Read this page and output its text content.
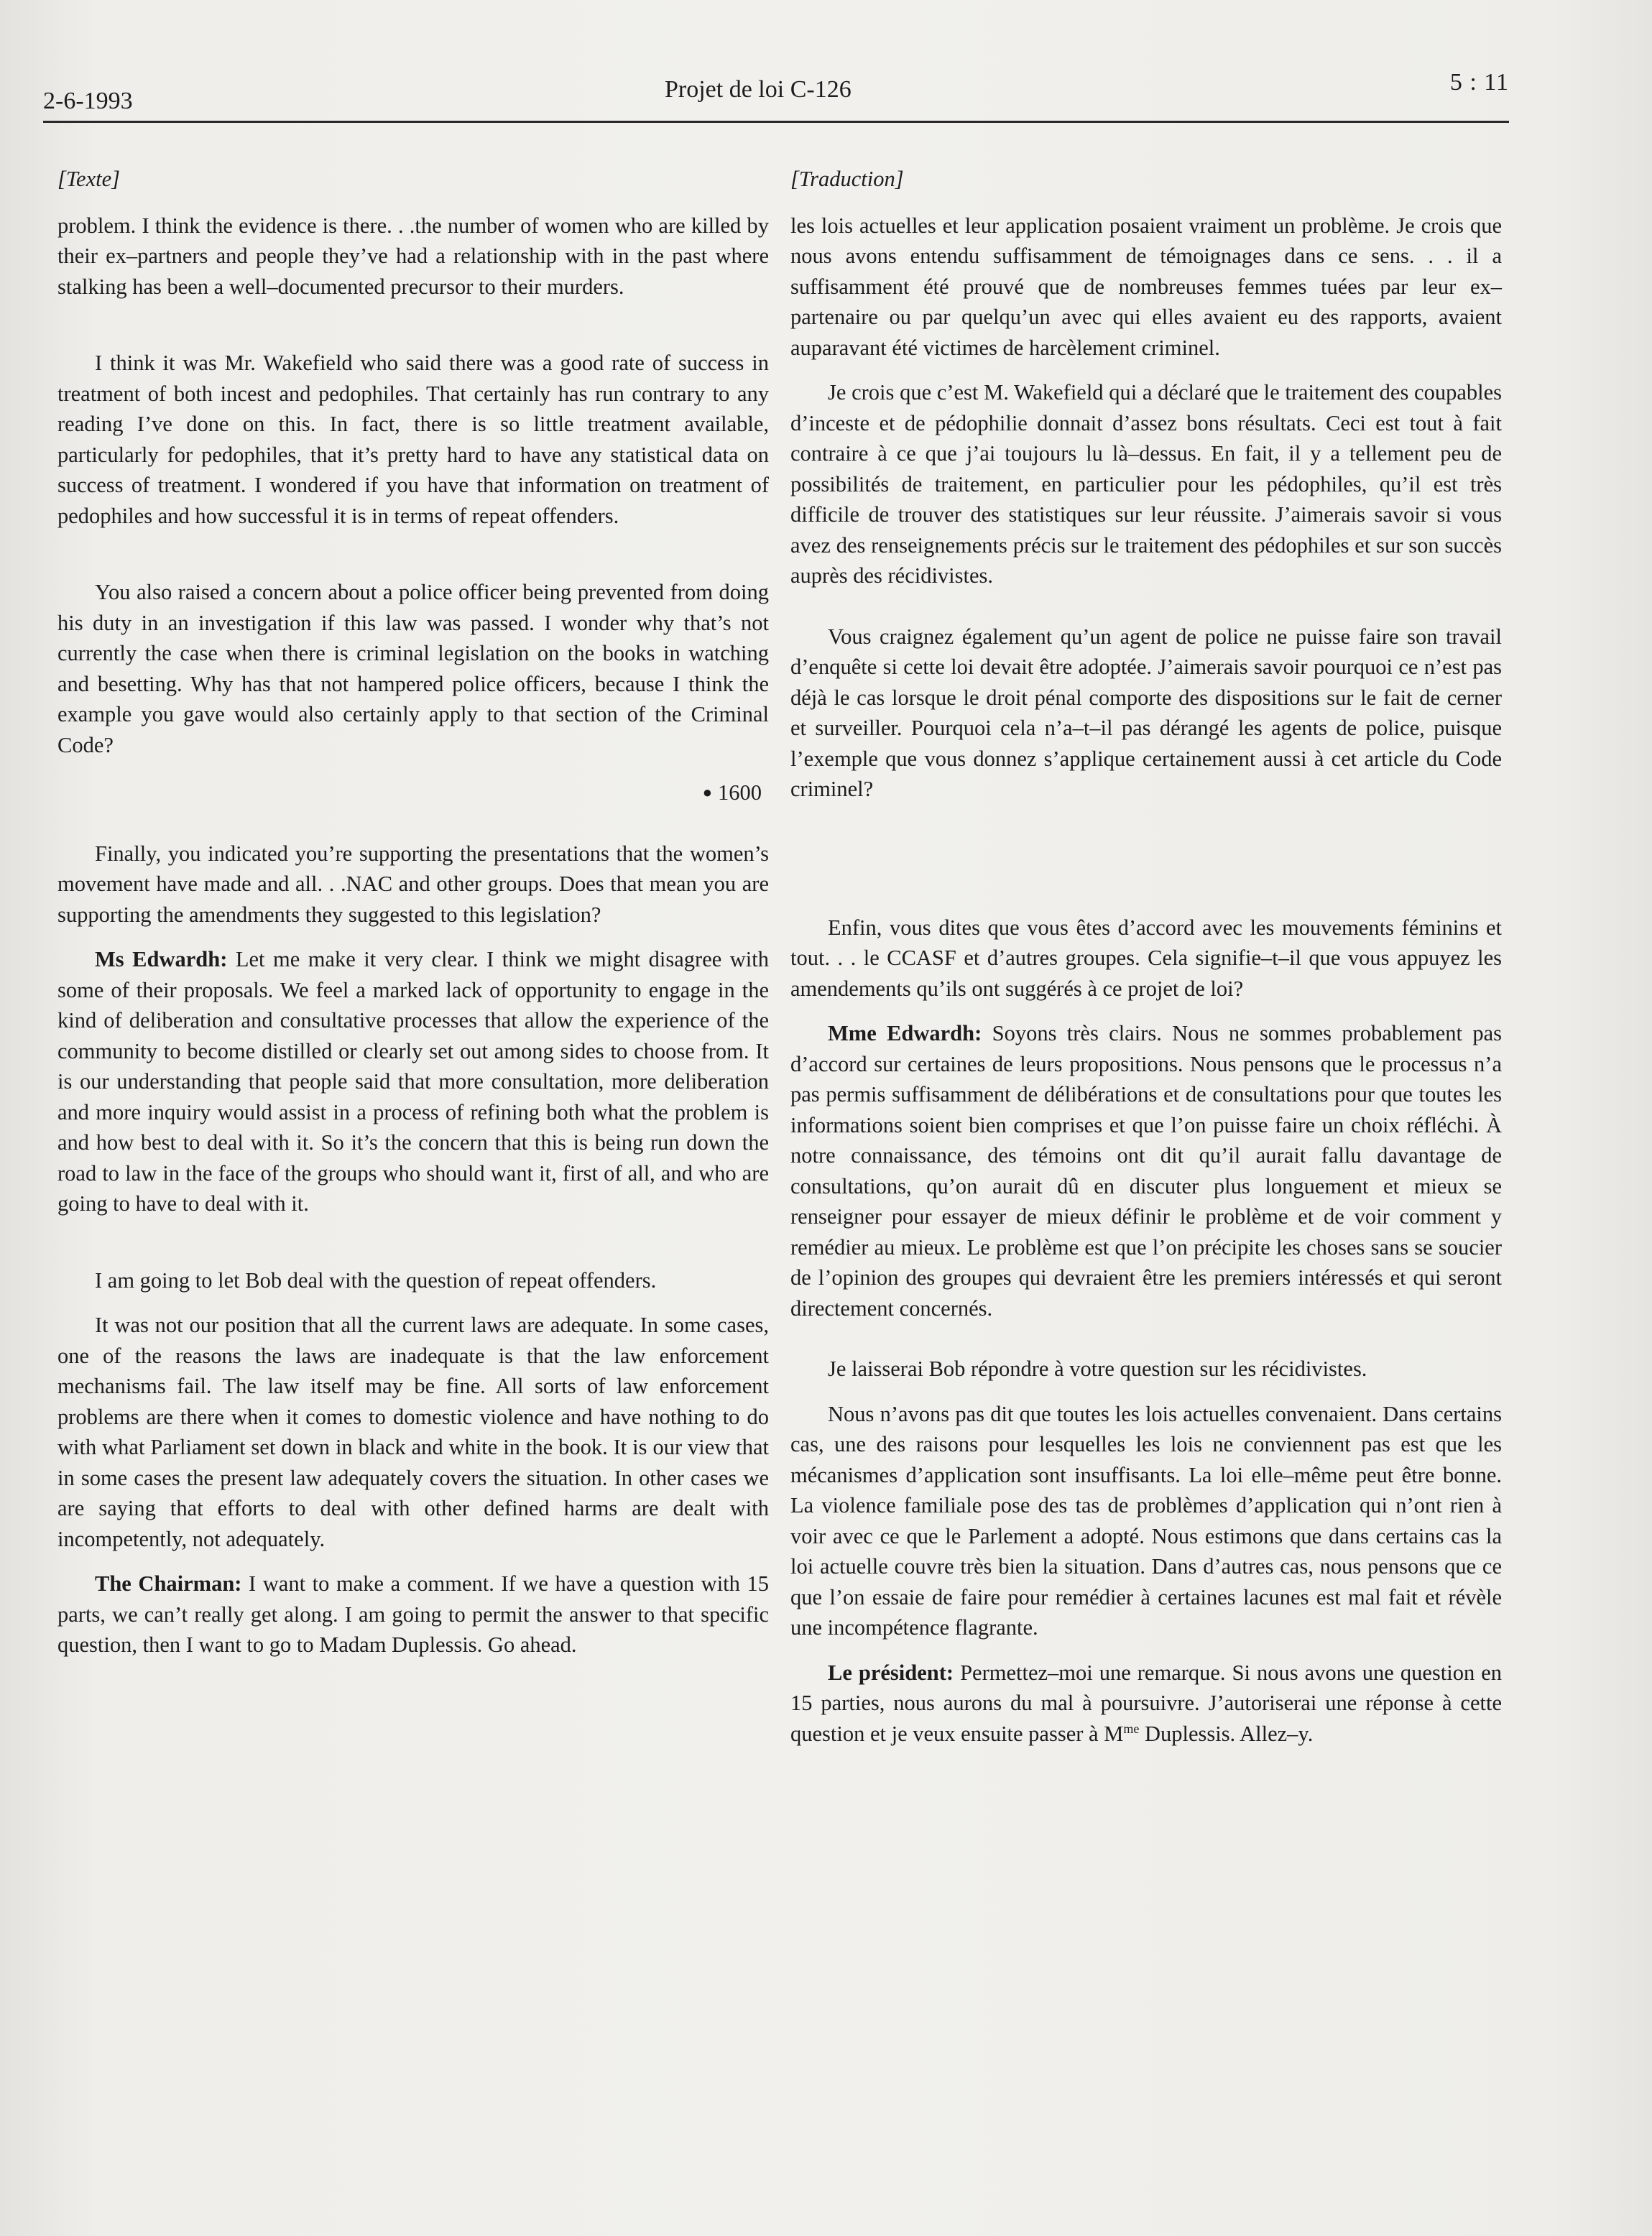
2-6-1993	Projet de loi C-126	5 : 11

[Texte]

problem. I think the evidence is there. . .the number of women who are killed by their ex–partners and people they’ve had a relationship with in the past where stalking has been a well–documented precursor to their murders.

I think it was Mr. Wakefield who said there was a good rate of success in treatment of both incest and pedophiles. That certainly has run contrary to any reading I’ve done on this. In fact, there is so little treatment available, particularly for pedophiles, that it’s pretty hard to have any statistical data on success of treatment. I wondered if you have that information on treatment of pedophiles and how successful it is in terms of repeat offenders.

You also raised a concern about a police officer being prevented from doing his duty in an investigation if this law was passed. I wonder why that’s not currently the case when there is criminal legislation on the books in watching and besetting. Why has that not hampered police officers, because I think the example you gave would also certainly apply to that section of the Criminal Code?

● 1600

Finally, you indicated you’re supporting the presentations that the women’s movement have made and all. . .NAC and other groups. Does that mean you are supporting the amendments they suggested to this legislation?

Ms Edwardh: Let me make it very clear. I think we might disagree with some of their proposals. We feel a marked lack of opportunity to engage in the kind of deliberation and consultative processes that allow the experience of the community to become distilled or clearly set out among sides to choose from. It is our understanding that people said that more consultation, more deliberation and more inquiry would assist in a process of refining both what the problem is and how best to deal with it. So it’s the concern that this is being run down the road to law in the face of the groups who should want it, first of all, and who are going to have to deal with it.

I am going to let Bob deal with the question of repeat offenders.

It was not our position that all the current laws are adequate. In some cases, one of the reasons the laws are inadequate is that the law enforcement mechanisms fail. The law itself may be fine. All sorts of law enforcement problems are there when it comes to domestic violence and have nothing to do with what Parliament set down in black and white in the book. It is our view that in some cases the present law adequately covers the situation. In other cases we are saying that efforts to deal with other defined harms are dealt with incompetently, not adequately.

The Chairman: I want to make a comment. If we have a question with 15 parts, we can’t really get along. I am going to permit the answer to that specific question, then I want to go to Madam Duplessis. Go ahead.

[Traduction]

les lois actuelles et leur application posaient vraiment un problème. Je crois que nous avons entendu suffisamment de témoignages dans ce sens. . . il a suffisamment été prouvé que de nombreuses femmes tuées par leur ex–partenaire ou par quelqu’un avec qui elles avaient eu des rapports, avaient auparavant été victimes de harcèlement criminel.

Je crois que c’est M. Wakefield qui a déclaré que le traitement des coupables d’inceste et de pédophilie donnait d’assez bons résultats. Ceci est tout à fait contraire à ce que j’ai toujours lu là–dessus. En fait, il y a tellement peu de possibilités de traitement, en particulier pour les pédophiles, qu’il est très difficile de trouver des statistiques sur leur réussite. J’aimerais savoir si vous avez des renseignements précis sur le traitement des pédophiles et sur son succès auprès des récidivistes.

Vous craignez également qu’un agent de police ne puisse faire son travail d’enquête si cette loi devait être adoptée. J’aimerais savoir pourquoi ce n’est pas déjà le cas lorsque le droit pénal comporte des dispositions sur le fait de cerner et surveiller. Pourquoi cela n’a–t–il pas dérangé les agents de police, puisque l’exemple que vous donnez s’applique certainement aussi à cet article du Code criminel?

Enfin, vous dites que vous êtes d’accord avec les mouvements féminins et tout. . . le CCASF et d’autres groupes. Cela signifie–t–il que vous appuyez les amendements qu’ils ont suggérés à ce projet de loi?

Mme Edwardh: Soyons très clairs. Nous ne sommes probablement pas d’accord sur certaines de leurs propositions. Nous pensons que le processus n’a pas permis suffisamment de délibérations et de consultations pour que toutes les informations soient bien comprises et que l’on puisse faire un choix réfléchi. À notre connaissance, des témoins ont dit qu’il aurait fallu davantage de consultations, qu’on aurait dû en discuter plus longuement et mieux se renseigner pour essayer de mieux définir le problème et de voir comment y remédier au mieux. Le problème est que l’on précipite les choses sans se soucier de l’opinion des groupes qui devraient être les premiers intéressés et qui seront directement concernés.

Je laisserai Bob répondre à votre question sur les récidivistes.

Nous n’avons pas dit que toutes les lois actuelles convenaient. Dans certains cas, une des raisons pour lesquelles les lois ne conviennent pas est que les mécanismes d’application sont insuffisants. La loi elle–même peut être bonne. La violence familiale pose des tas de problèmes d’application qui n’ont rien à voir avec ce que le Parlement a adopté. Nous estimons que dans certains cas la loi actuelle couvre très bien la situation. Dans d’autres cas, nous pensons que ce que l’on essaie de faire pour remédier à certaines lacunes est mal fait et révèle une incompétence flagrante.

Le président: Permettez–moi une remarque. Si nous avons une question en 15 parties, nous aurons du mal à poursuivre. J’autoriserai une réponse à cette question et je veux ensuite passer à $M^{me}$ Duplessis. Allez–y.
